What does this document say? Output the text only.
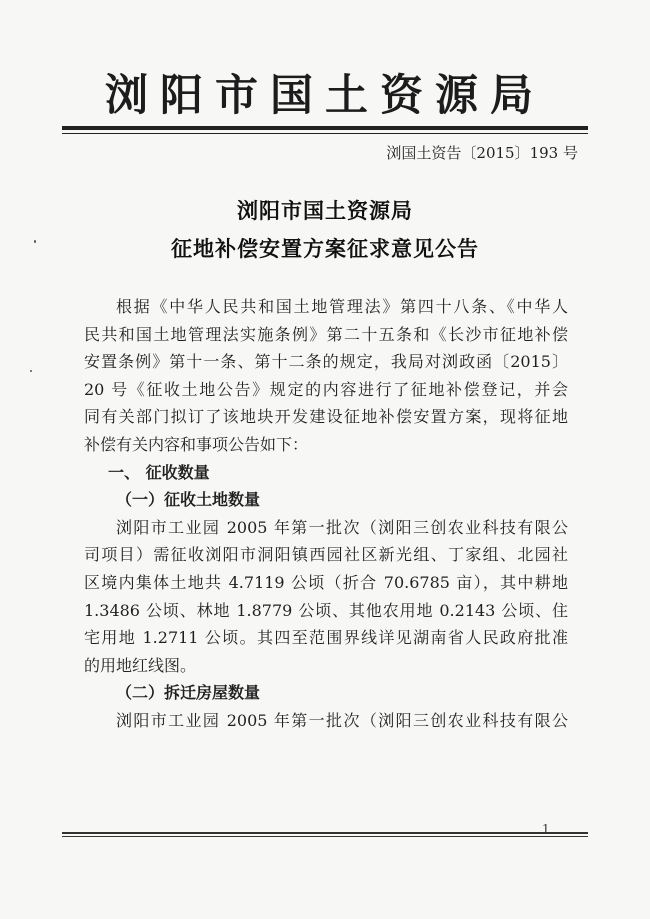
浏阳市国土资源局
浏国土资告〔2015〕193 号
浏阳市国土资源局
征地补偿安置方案征求意见公告

根据《中华人民共和国土地管理法》第四十八条、《中华人

民共和国土地管理法实施条例》第二十五条和《长沙市征地补偿

安置条例》第十一条、第十二条的规定，我局对浏政函〔2015〕

20 号《征收土地公告》规定的内容进行了征地补偿登记，并会

同有关部门拟订了该地块开发建设征地补偿安置方案，现将征地

补偿有关内容和事项公告如下：

一、 征收数量

（一）征收土地数量

浏阳市工业园 2005 年第一批次（浏阳三创农业科技有限公

司项目）需征收浏阳市洞阳镇西园社区新光组、丁家组、北园社

区境内集体土地共 4.7119 公顷（折合 70.6785 亩），其中耕地

1.3486 公顷、林地 1.8779 公顷、其他农用地 0.2143 公顷、住

宅用地 1.2711 公顷。其四至范围界线详见湖南省人民政府批准

的用地红线图。

（二）拆迁房屋数量

浏阳市工业园 2005 年第一批次（浏阳三创农业科技有限公

1
